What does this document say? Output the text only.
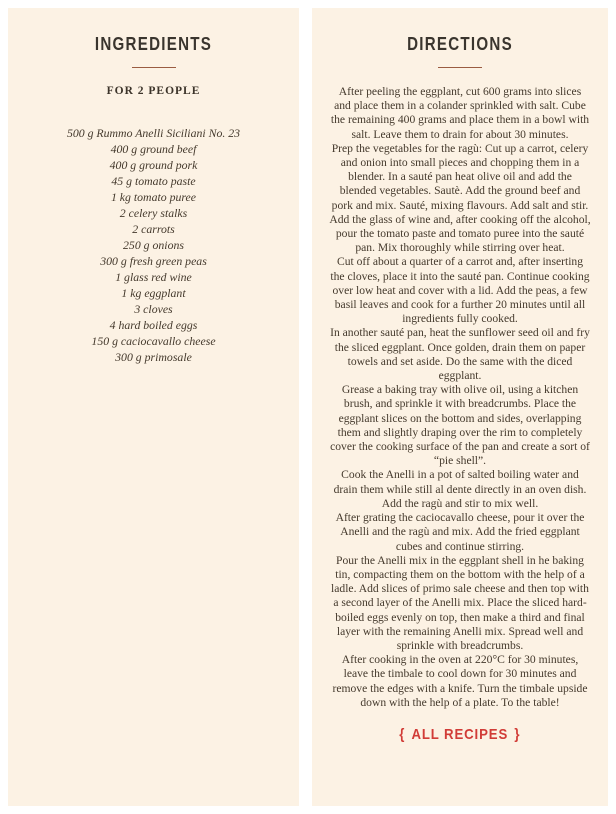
INGREDIENTS
FOR 2 PEOPLE
500 g Rummo Anelli Siciliani No. 23
400 g ground beef
400 g ground pork
45 g tomato paste
1 kg tomato puree
2 celery stalks
2 carrots
250 g onions
300 g fresh green peas
1 glass red wine
1 kg eggplant
3 cloves
4 hard boiled eggs
150 g caciocavallo cheese
300 g primosale
DIRECTIONS

After peeling the eggplant, cut 600 grams into slices and place them in a colander sprinkled with salt. Cube the remaining 400 grams and place them in a bowl with salt. Leave them to drain for about 30 minutes.

Prep the vegetables for the ragù: Cut up a carrot, celery and onion into small pieces and chopping them in a blender. In a sauté pan heat olive oil and add the blended vegetables. Sautè. Add the ground beef and pork and mix. Sauté, mixing flavours. Add salt and stir. Add the glass of wine and, after cooking off the alcohol, pour the tomato paste and tomato puree into the sauté pan. Mix thoroughly while stirring over heat.

Cut off about a quarter of a carrot and, after inserting the cloves, place it into the sauté pan. Continue cooking over low heat and cover with a lid. Add the peas, a few basil leaves and cook for a further 20 minutes until all ingredients fully cooked.

In another sauté pan, heat the sunflower seed oil and fry the sliced eggplant. Once golden, drain them on paper towels and set aside. Do the same with the diced eggplant.

Grease a baking tray with olive oil, using a kitchen brush, and sprinkle it with breadcrumbs. Place the eggplant slices on the bottom and sides, overlapping them and slightly draping over the rim to completely cover the cooking surface of the pan and create a sort of “pie shell”.

Cook the Anelli in a pot of salted boiling water and drain them while still al dente directly in an oven dish. Add the ragù and stir to mix well.

After grating the caciocavallo cheese, pour it over the Anelli and the ragù and mix. Add the fried eggplant cubes and continue stirring.

Pour the Anelli mix in the eggplant shell in he baking tin, compacting them on the bottom with the help of a ladle. Add slices of primo sale cheese and then top with a second layer of the Anelli mix. Place the sliced hard-boiled eggs evenly on top, then make a third and final layer with the remaining Anelli mix. Spread well and sprinkle with breadcrumbs.

After cooking in the oven at 220°C for 30 minutes, leave the timbale to cool down for 30 minutes and remove the edges with a knife. Turn the timbale upside down with the help of a plate. To the table!

{ ALL RECIPES }
